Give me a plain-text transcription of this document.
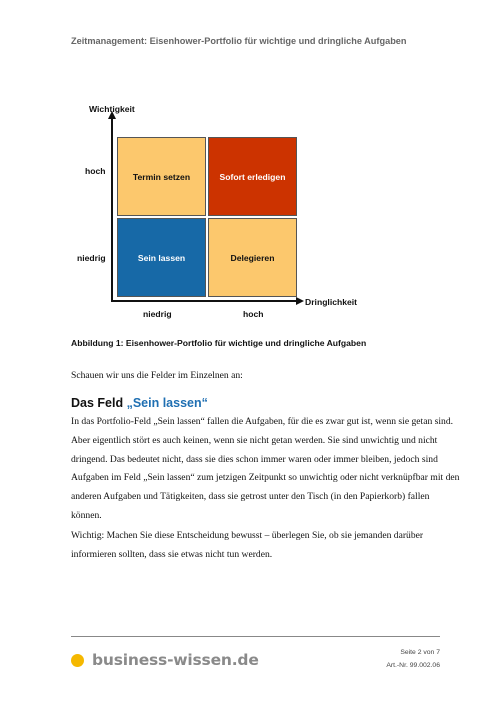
Zeitmanagement: Eisenhower-Portfolio für wichtige und dringliche Aufgaben
Wichtigkeit
Dringlichkeit
hoch
niedrig
niedrig	hoch
Termin setzen	Sofort erledigen
Sein lassen	Delegieren
Abbildung 1: Eisenhower-Portfolio für wichtige und dringliche Aufgaben
Schauen wir uns die Felder im Einzelnen an:
Das Feld „Sein lassen“
In das Portfolio-Feld „Sein lassen“ fallen die Aufgaben, für die es zwar gut ist, wenn sie getan sind. Aber eigentlich stört es auch keinen, wenn sie nicht getan werden. Sie sind unwichtig und nicht dringend. Das bedeutet nicht, dass sie dies schon immer waren oder immer bleiben, jedoch sind Aufgaben im Feld „Sein lassen“ zum jetzigen Zeitpunkt so unwichtig oder nicht verknüpfbar mit den anderen Aufgaben und Tätigkeiten, dass sie getrost unter den Tisch (in den Papierkorb) fallen können.
Wichtig: Machen Sie diese Entscheidung bewusst – überlegen Sie, ob sie jemanden darüber informieren sollten, dass sie etwas nicht tun werden.
business-wissen.de	Seite 2 von 7
Art.-Nr. 99.002.06
